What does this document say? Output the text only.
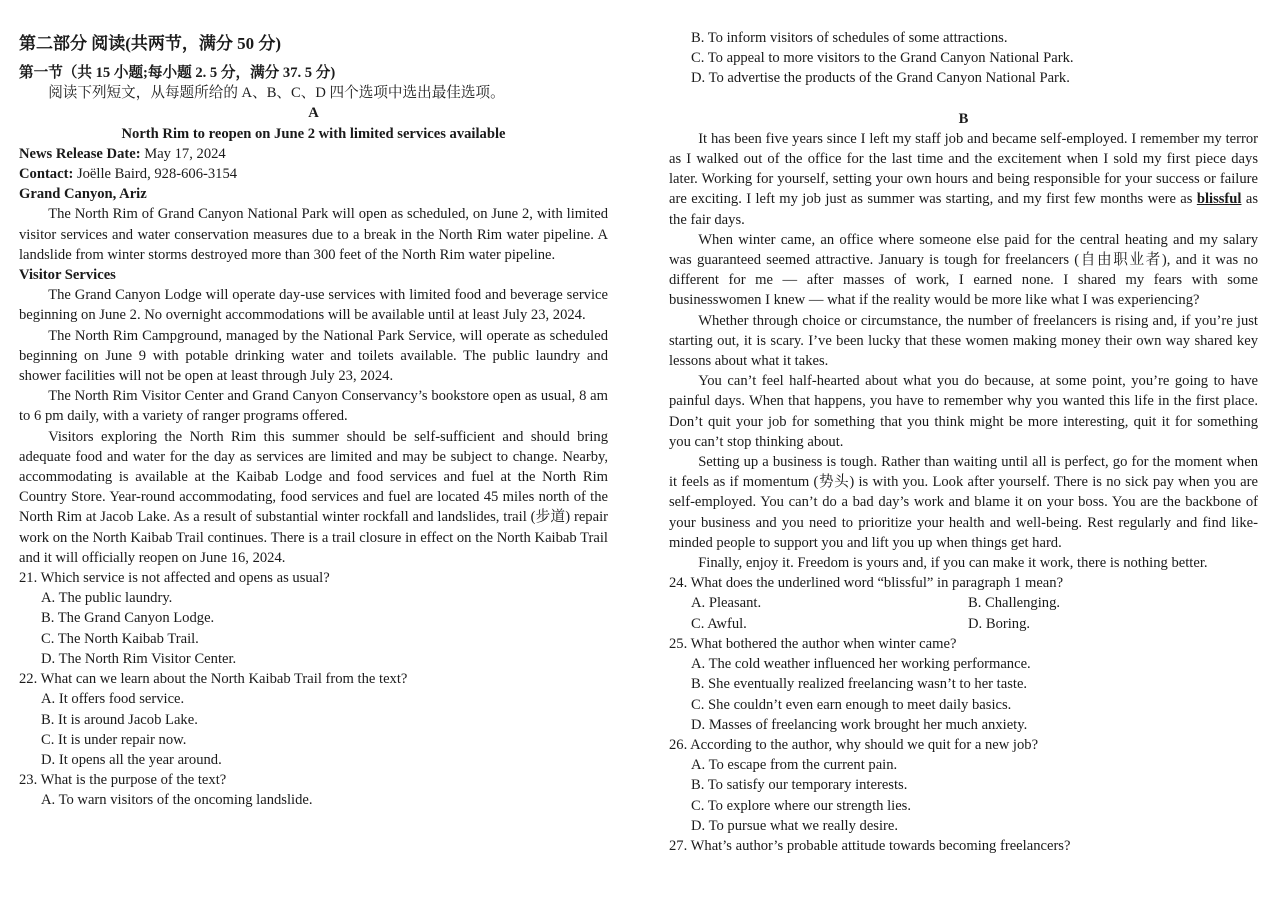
第二部分 阅读(共两节，满分 50 分)
第一节（共 15 小题;每小题 2. 5 分，满分 37. 5 分)
阅读下列短文，从每题所给的 A、B、C、D 四个选项中选出最佳选项。
A
North Rim to reopen on June 2 with limited services available
News Release Date: May 17, 2024
Contact: Joëlle Baird, 928-606-3154
Grand Canyon, Ariz
The North Rim of Grand Canyon National Park will open as scheduled, on June 2, with limited visitor services and water conservation measures due to a break in the North Rim water pipeline. A landslide from winter storms destroyed more than 300 feet of the North Rim water pipeline.
Visitor Services
The Grand Canyon Lodge will operate day-use services with limited food and beverage service beginning on June 2. No overnight accommodations will be available until at least July 23, 2024.
The North Rim Campground, managed by the National Park Service, will operate as scheduled beginning on June 9 with potable drinking water and toilets available. The public laundry and shower facilities will not be open at least through July 23, 2024.
The North Rim Visitor Center and Grand Canyon Conservancy’s bookstore open as usual, 8 am to 6 pm daily, with a variety of ranger programs offered.
Visitors exploring the North Rim this summer should be self-sufficient and should bring adequate food and water for the day as services are limited and may be subject to change. Nearby, accommodating is available at the Kaibab Lodge and food services and fuel at the North Rim Country Store. Year-round accommodating, food services and fuel are located 45 miles north of the North Rim at Jacob Lake. As a result of substantial winter rockfall and landslides, trail (步道) repair work on the North Kaibab Trail continues. There is a trail closure in effect on the North Kaibab Trail and it will officially reopen on June 16, 2024.
21. Which service is not affected and opens as usual?
A. The public laundry.
B. The Grand Canyon Lodge.
C. The North Kaibab Trail.
D. The North Rim Visitor Center.
22. What can we learn about the North Kaibab Trail from the text?
A. It offers food service.
B. It is around Jacob Lake.
C. It is under repair now.
D. It opens all the year around.
23. What is the purpose of the text?
A. To warn visitors of the oncoming landslide.
B. To inform visitors of schedules of some attractions.
C. To appeal to more visitors to the Grand Canyon National Park.
D. To advertise the products of the Grand Canyon National Park.
B
It has been five years since I left my staff job and became self-employed. I remember my terror as I walked out of the office for the last time and the excitement when I sold my first piece days later. Working for yourself, setting your own hours and being responsible for your success or failure are exciting. I left my job just as summer was starting, and my first few months were as blissful as the fair days.
When winter came, an office where someone else paid for the central heating and my salary was guaranteed seemed attractive. January is tough for freelancers (自由职业者), and it was no different for me — after masses of work, I earned none. I shared my fears with some businesswomen I knew — what if the reality would be more like what I was experiencing?
Whether through choice or circumstance, the number of freelancers is rising and, if you’re just starting out, it is scary. I’ve been lucky that these women making money their own way shared key lessons about what it takes.
You can’t feel half-hearted about what you do because, at some point, you’re going to have painful days. When that happens, you have to remember why you wanted this life in the first place. Don’t quit your job for something that you think might be more interesting, quit it for something you can’t stop thinking about.
Setting up a business is tough. Rather than waiting until all is perfect, go for the moment when it feels as if momentum (势头) is with you. Look after yourself. There is no sick pay when you are self-employed. You can’t do a bad day’s work and blame it on your boss. You are the backbone of your business and you need to prioritize your health and well-being. Rest regularly and find like-minded people to support you and lift you up when things get hard.
Finally, enjoy it. Freedom is yours and, if you can make it work, there is nothing better.
24. What does the underlined word “blissful” in paragraph 1 mean?
A. Pleasant.	B. Challenging.
C. Awful.	D. Boring.
25. What bothered the author when winter came?
A. The cold weather influenced her working performance.
B. She eventually realized freelancing wasn’t to her taste.
C. She couldn’t even earn enough to meet daily basics.
D. Masses of freelancing work brought her much anxiety.
26. According to the author, why should we quit for a new job?
A. To escape from the current pain.
B. To satisfy our temporary interests.
C. To explore where our strength lies.
D. To pursue what we really desire.
27. What’s author’s probable attitude towards becoming freelancers?
